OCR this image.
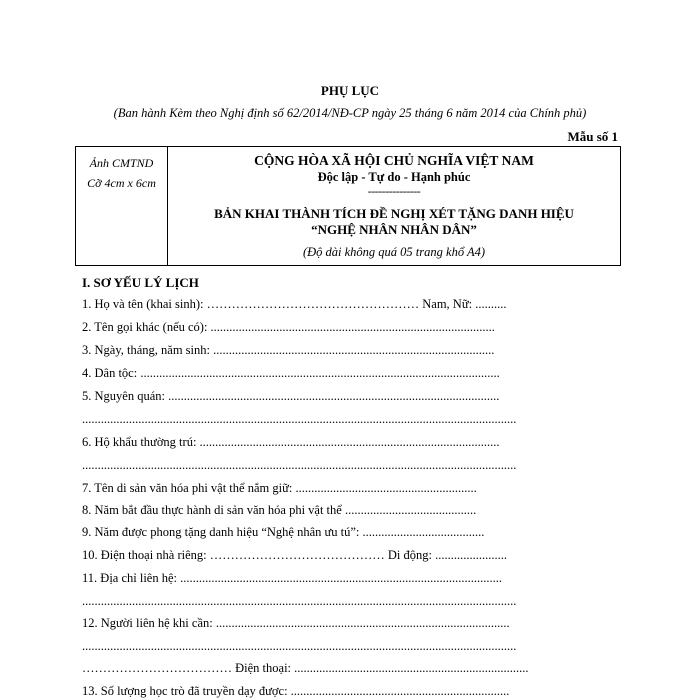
PHỤ LỤC
(Ban hành Kèm theo Nghị định số 62/2014/NĐ-CP ngày 25 tháng 6 năm 2014 của Chính phủ)
Mẫu số 1
Ảnh CMTND
Cỡ 4cm x 6cm
CỘNG HÒA XÃ HỘI CHỦ NGHĨA VIỆT NAM
Độc lập - Tự do - Hạnh phúc
---------------
BẢN KHAI THÀNH TÍCH ĐỀ NGHỊ XÉT TẶNG DANH HIỆU
“NGHỆ NHÂN NHÂN DÂN”
(Độ dài không quá 05 trang khổ A4)
I. SƠ YẾU LÝ LỊCH
1. Họ và tên (khai sinh): …………………………………………… Nam, Nữ: ..........
2. Tên gọi khác (nếu có): ...........................................................................................
3. Ngày, tháng, năm sinh: ..........................................................................................
4. Dân tộc: ...................................................................................................................
5. Nguyên quán: ..........................................................................................................
...........................................................................................................................................
6. Hộ khẩu thường trú: ................................................................................................
...........................................................................................................................................
7. Tên di sản văn hóa phi vật thể nắm giữ: ..........................................................
8. Năm bắt đầu thực hành di sản văn hóa phi vật thể ..........................................
9. Năm được phong tặng danh hiệu “Nghệ nhân ưu tú”: .......................................
10. Điện thoại nhà riêng: …………………………………… Di động: .......................
11. Địa chỉ liên hệ: .......................................................................................................
...........................................................................................................................................
12. Người liên hệ khi cần: ..............................................................................................
...........................................................................................................................................
……………………………… Điện thoại: ...........................................................................
13. Số lượng học trò đã truyền dạy được: ......................................................................
